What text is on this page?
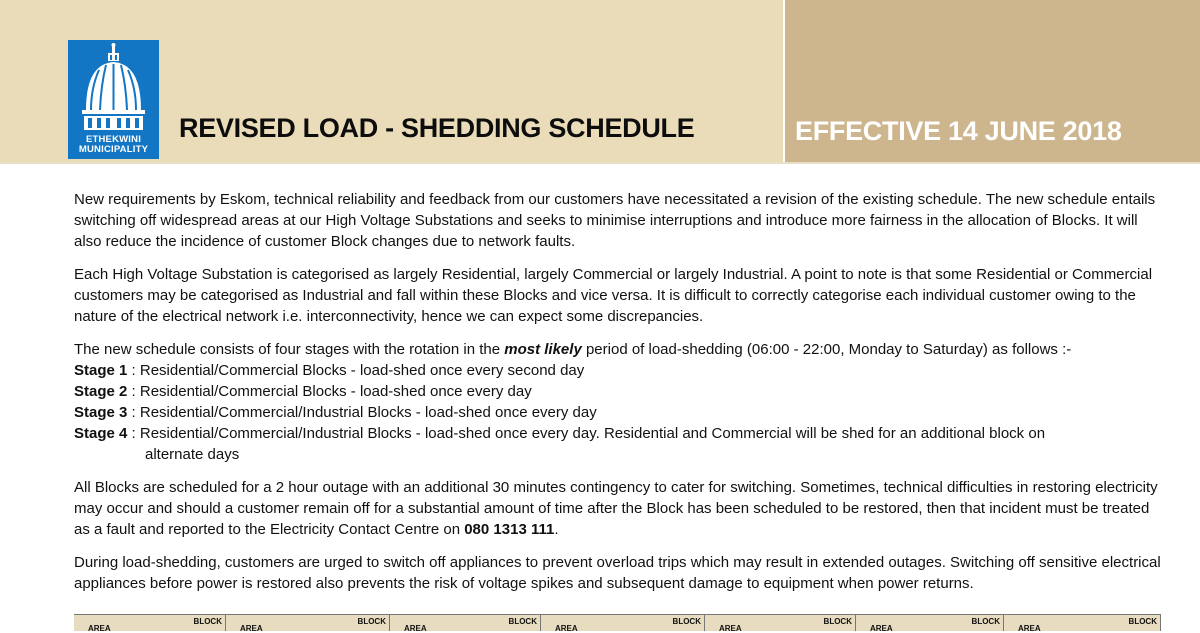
ETHEKWINI
MUNICIPALITY
REVISED LOAD - SHEDDING SCHEDULE	EFFECTIVE 14 JUNE 2018

New requirements by Eskom, technical reliability and feedback from our customers have necessitated a revision of the existing schedule. The new schedule entails switching off widespread areas at our High Voltage Substations and seeks to minimise interruptions and introduce more fairness in the allocation of Blocks. It will also reduce the incidence of customer Block changes due to network faults.

Each High Voltage Substation is categorised as largely Residential, largely Commercial or largely Industrial. A point to note is that some Residential or Commercial customers may be categorised as Industrial and fall within these Blocks and vice versa. It is difficult to correctly categorise each individual customer owing to the nature of the electrical network i.e. interconnectivity, hence we can expect some discrepancies.

The new schedule consists of four stages with the rotation in the most likely period of load-shedding (06:00 - 22:00, Monday to Saturday) as follows :-
Stage 1 : Residential/Commercial Blocks - load-shed once every second day
Stage 2 : Residential/Commercial Blocks - load-shed once every day
Stage 3 : Residential/Commercial/Industrial Blocks - load-shed once every day
Stage 4 : Residential/Commercial/Industrial Blocks - load-shed once every day. Residential and Commercial will be shed for an additional block on
alternate days

All Blocks are scheduled for a 2 hour outage with an additional 30 minutes contingency to cater for switching. Sometimes, technical difficulties in restoring electricity may occur and should a customer remain off for a substantial amount of time after the Block has been scheduled to be restored, then that incident must be treated as a fault and reported to the Electricity Contact Centre on 080 1313 111.

During load-shedding, customers are urged to switch off appliances to prevent overload trips which may result in extended outages. Switching off sensitive electrical appliances before power is restored also prevents the risk of voltage spikes and subsequent damage to equipment when power returns.

BLOCK
AREA
BLOCK
AREA
BLOCK
AREA
BLOCK
AREA
BLOCK
AREA
BLOCK
AREA
BLOCK
AREA
